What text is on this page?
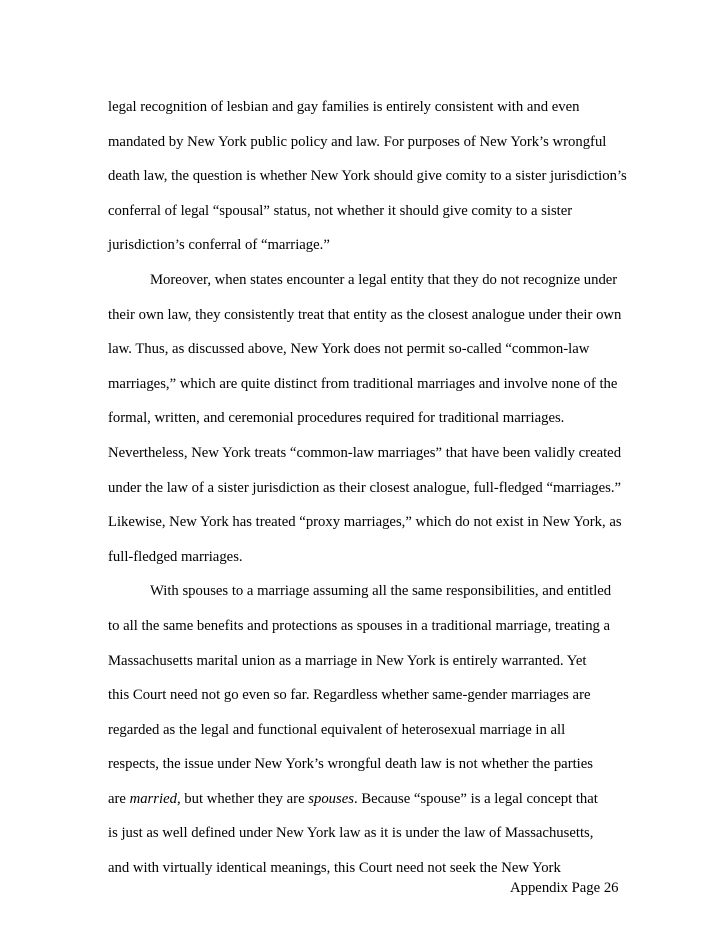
legal recognition of lesbian and gay families is entirely consistent with and even
mandated by New York public policy and law. For purposes of New York’s wrongful
death law, the question is whether New York should give comity to a sister jurisdiction’s
conferral of legal “spousal” status, not whether it should give comity to a sister
jurisdiction’s conferral of “marriage.”
Moreover, when states encounter a legal entity that they do not recognize under
their own law, they consistently treat that entity as the closest analogue under their own
law. Thus, as discussed above, New York does not permit so-called “common-law
marriages,” which are quite distinct from traditional marriages and involve none of the
formal, written, and ceremonial procedures required for traditional marriages.
Nevertheless, New York treats “common-law marriages” that have been validly created
under the law of a sister jurisdiction as their closest analogue, full-fledged “marriages.”
Likewise, New York has treated “proxy marriages,” which do not exist in New York, as
full-fledged marriages.
With spouses to a marriage assuming all the same responsibilities, and entitled
to all the same benefits and protections as spouses in a traditional marriage, treating a
Massachusetts marital union as a marriage in New York is entirely warranted. Yet
this Court need not go even so far. Regardless whether same-gender marriages are
regarded as the legal and functional equivalent of heterosexual marriage in all
respects, the issue under New York’s wrongful death law is not whether the parties
are married, but whether they are spouses. Because “spouse” is a legal concept that
is just as well defined under New York law as it is under the law of Massachusetts,
and with virtually identical meanings, this Court need not seek the New York
Appendix Page 26
